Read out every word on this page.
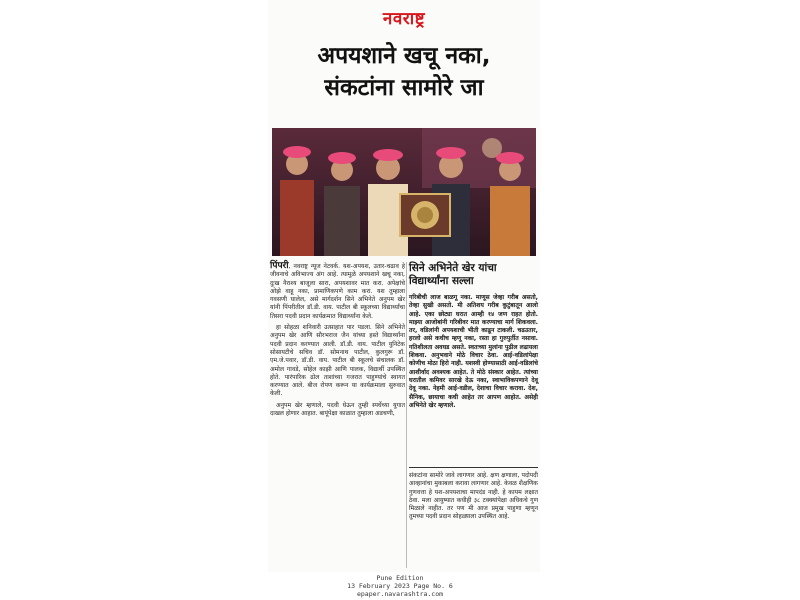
नवराष्ट्र
अपयशाने खचू नका,
संकटांना सामोरे जा

पिंपरी, नवराष्ट्र न्यूज नेटवर्क. यश-अपयश, उतार-चढाव हे जीवनाचे अविभाज्य अंग आहे. त्यामुळे अपयशाने खचू नका, दुःख नैराश्य बाजूला सारा, अपयशावर मात करा. अपेक्षांचे ओझे वाहू नका, प्रामाणिकपणे काम करा. यश तुम्हाला गवसणी घालेल, असे मार्गदर्शन सिने अभिनेते अनुपम खेर यांनी पिंपरीतील डॉ.डी. वाय. पाटील बी स्कूलच्या विद्यार्थ्यांचा तिसरा पदवी प्रदान कार्यक्रमात विद्यार्थ्यांना केले.

हा सोहळा शनिवारी उत्साहात पार पडला. सिने अभिनेते अनुपम खेर आणि सौरभराज जैन यांच्या हस्ते विद्यार्थ्यांना पदवी प्रदान करण्यात आली. डॉ.डी. वाय. पाटील युनिटेक सोसायटीचे सचिव डॉ. सोमनाथ पाटील, कुलगुरू डॉ. एम.जे.पवार, डॉ.डी. वाय. पाटील बी स्कूलचे संचालक डॉ. अमोल गावडे, सोहेल काझी आणि पालक, विद्यार्थी उपस्थित होते. पारंपारिक ढोल ताशांच्या गजरात पाहुण्यांचे स्वागत करण्यात आले. बीज रोपण करून या कार्यक्रमाला सुरुवात केली.

अनुपम खेर म्हणाले, पदवी घेऊन तुम्ही स्पर्धेच्या युगात दाखल होणार आहात. बापूंपेक्षा काळात तुम्हाला अडचणी,

सिने अभिनेते खेर यांचा
विद्यार्थ्यांना सल्ला

गरिबीची लाज बाळगू नका. माणूस जेव्हा गरीब असतो, तेव्हा सुखी असतो. मी अतिशय गरीब कुटुंबातून आलो आहे. एका छोट्या घरात आम्ही १४ जण राहत होतो. माझ्या आजोबांनी गरिबीवर मात करण्याचा मार्ग शिकवला. तर, वडिलांनी अपयशाची भीती काढून टाकली. चढउतार, हरलो असे कधीच म्हणू नका, रस्ता हा गुरुपुर्तीत नसावा. गतिशीलता अवघड असते. स्वतःच्या मुलांना पुढील लढायला शिकवा. अनुभवाने मोठे विचार ठेवा. आई-वडिलांपेक्षा कोणीच मोठा हिरो नाही. यशस्वी होण्यासाठी आई-वडिलांचे आशीर्वाद अवश्यक आहेत. ते मोठे संस्कार आहेत. त्यांच्या घरातील कमिवर सारखे देऊ नका, स्वाभाविकपणाने देवू देवू नका. नेहमी आई-वडील, देशाचा विचार करावा. देश, सैनिक, छायाचा कधी आहेत तर आपण आहोत. असेही अभिनेते खेर म्हणाले.

संकटांना सामोरे जावे लागणार आहे. क्षण क्षणाला, पदोपदी आव्हानांचा मुकाबला करावा लागणार आहे. केवळ शैक्षणिक गुणवत्ता हे यश-अपयशाचा मापदंड नाही. हे कायम लक्षात ठेवा. मला आयुष्यात कधीही ३८ टक्क्यांपेक्षा अधिकचे गुण मिळाले नाहीत. तर पण मी आज प्रमुख पाहुणा म्हणून तुमच्या पदवी प्रदान सोहळ्याला उपस्थित आहे.

Pune Edition
13 February 2023 Page No. 6
epaper.navarashtra.com
